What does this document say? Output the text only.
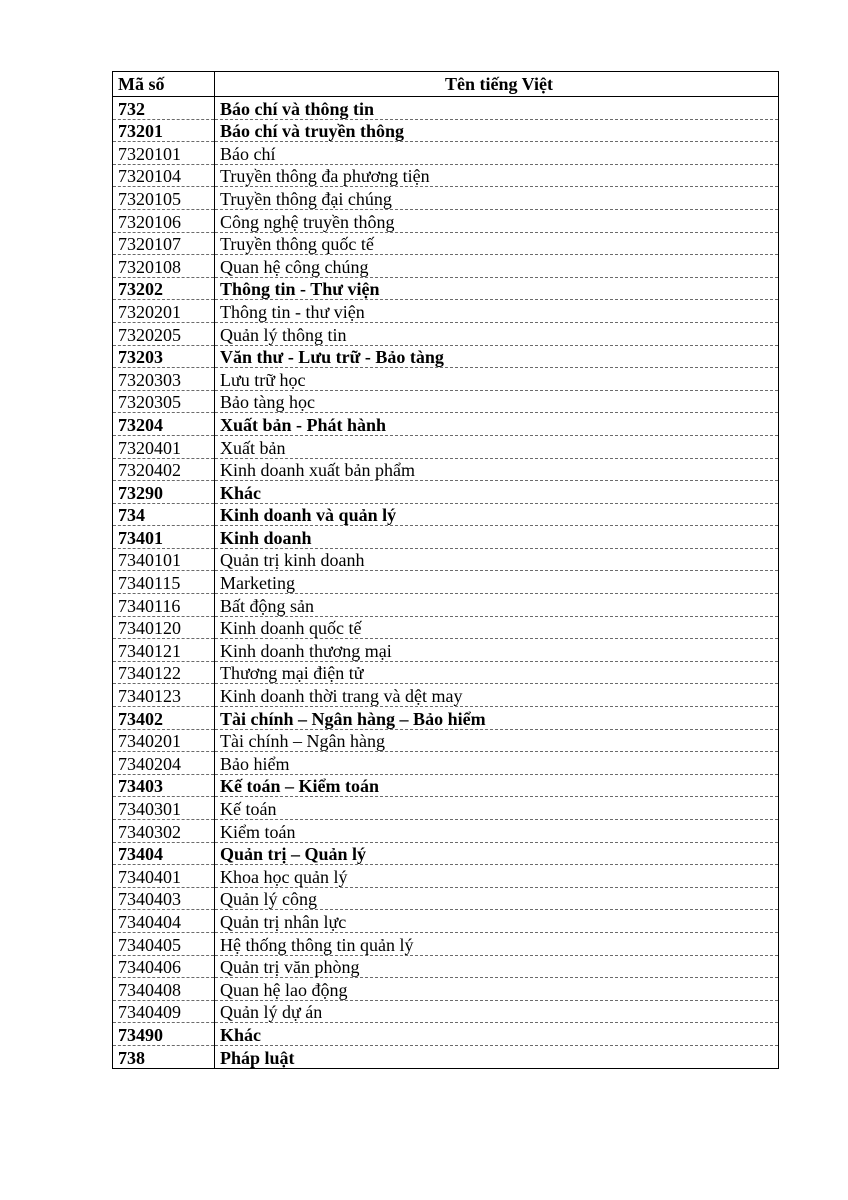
Mã số	Tên tiếng Việt
732	Báo chí và thông tin
73201	Báo chí và truyền thông
7320101	Báo chí
7320104	Truyền thông đa phương tiện
7320105	Truyền thông đại chúng
7320106	Công nghệ truyền thông
7320107	Truyền thông quốc tế
7320108	Quan hệ công chúng
73202	Thông tin - Thư viện
7320201	Thông tin - thư viện
7320205	Quản lý thông tin
73203	Văn thư - Lưu trữ - Bảo tàng
7320303	Lưu trữ học
7320305	Bảo tàng học
73204	Xuất bản - Phát hành
7320401	Xuất bản
7320402	Kinh doanh xuất bản phẩm
73290	Khác
734	Kinh doanh và quản lý
73401	Kinh doanh
7340101	Quản trị kinh doanh
7340115	Marketing
7340116	Bất động sản
7340120	Kinh doanh quốc tế
7340121	Kinh doanh thương mại
7340122	Thương mại điện tử
7340123	Kinh doanh thời trang và dệt may
73402	Tài chính – Ngân hàng – Bảo hiểm
7340201	Tài chính – Ngân hàng
7340204	Bảo hiểm
73403	Kế toán – Kiểm toán
7340301	Kế toán
7340302	Kiểm toán
73404	Quản trị – Quản lý
7340401	Khoa học quản lý
7340403	Quản lý công
7340404	Quản trị nhân lực
7340405	Hệ thống thông tin quản lý
7340406	Quản trị văn phòng
7340408	Quan hệ lao động
7340409	Quản lý dự án
73490	Khác
738	Pháp luật
